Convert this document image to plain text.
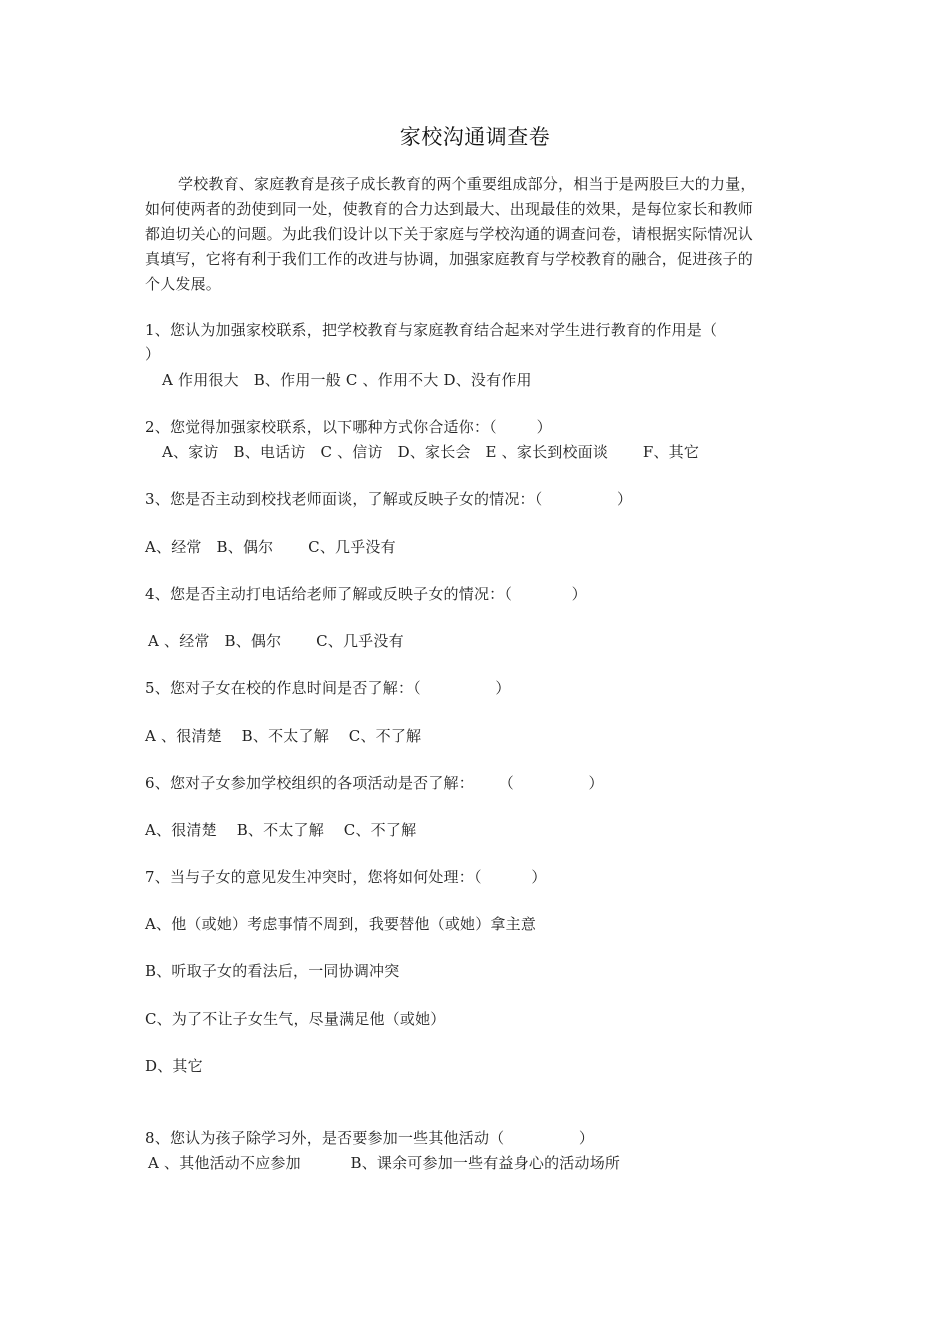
家校沟通调查卷
学校教育、家庭教育是孩子成长教育的两个重要组成部分，相当于是两股巨大的力量，
如何使两者的劲使到同一处，使教育的合力达到最大、出现最佳的效果，是每位家长和教师
都迫切关心的问题。为此我们设计以下关于家庭与学校沟通的调查问卷，请根据实际情况认
真填写，它将有利于我们工作的改进与协调，加强家庭教育与学校教育的融合，促进孩子的
个人发展。
1、您认为加强家校联系，把学校教育与家庭教育结合起来对学生进行教育的作用是（
）
A 作用很大   B、作用一般 C 、作用不大 D、没有作用
2、您觉得加强家校联系，以下哪种方式你合适你：（        ）
A、家访   B、电话访   C 、信访   D、家长会   E 、家长到校面谈       F、其它
3、您是否主动到校找老师面谈，了解或反映子女的情况：（               ）
A、经常   B、偶尔       C、几乎没有
4、您是否主动打电话给老师了解或反映子女的情况：（            ）
A 、经常   B、偶尔       C、几乎没有
5、您对子女在校的作息时间是否了解：（               ）
A 、很清楚    B、不太了解    C、不了解
6、您对子女参加学校组织的各项活动是否了解：     （               ）
A、很清楚    B、不太了解    C、不了解
7、当与子女的意见发生冲突时，您将如何处理：（          ）
A、他（或她）考虑事情不周到，我要替他（或她）拿主意
B、听取子女的看法后，一同协调冲突
C、为了不让子女生气，尽量满足他（或她）
D、其它
8、您认为孩子除学习外，是否要参加一些其他活动（               ）
A 、其他活动不应参加          B、课余可参加一些有益身心的活动场所
